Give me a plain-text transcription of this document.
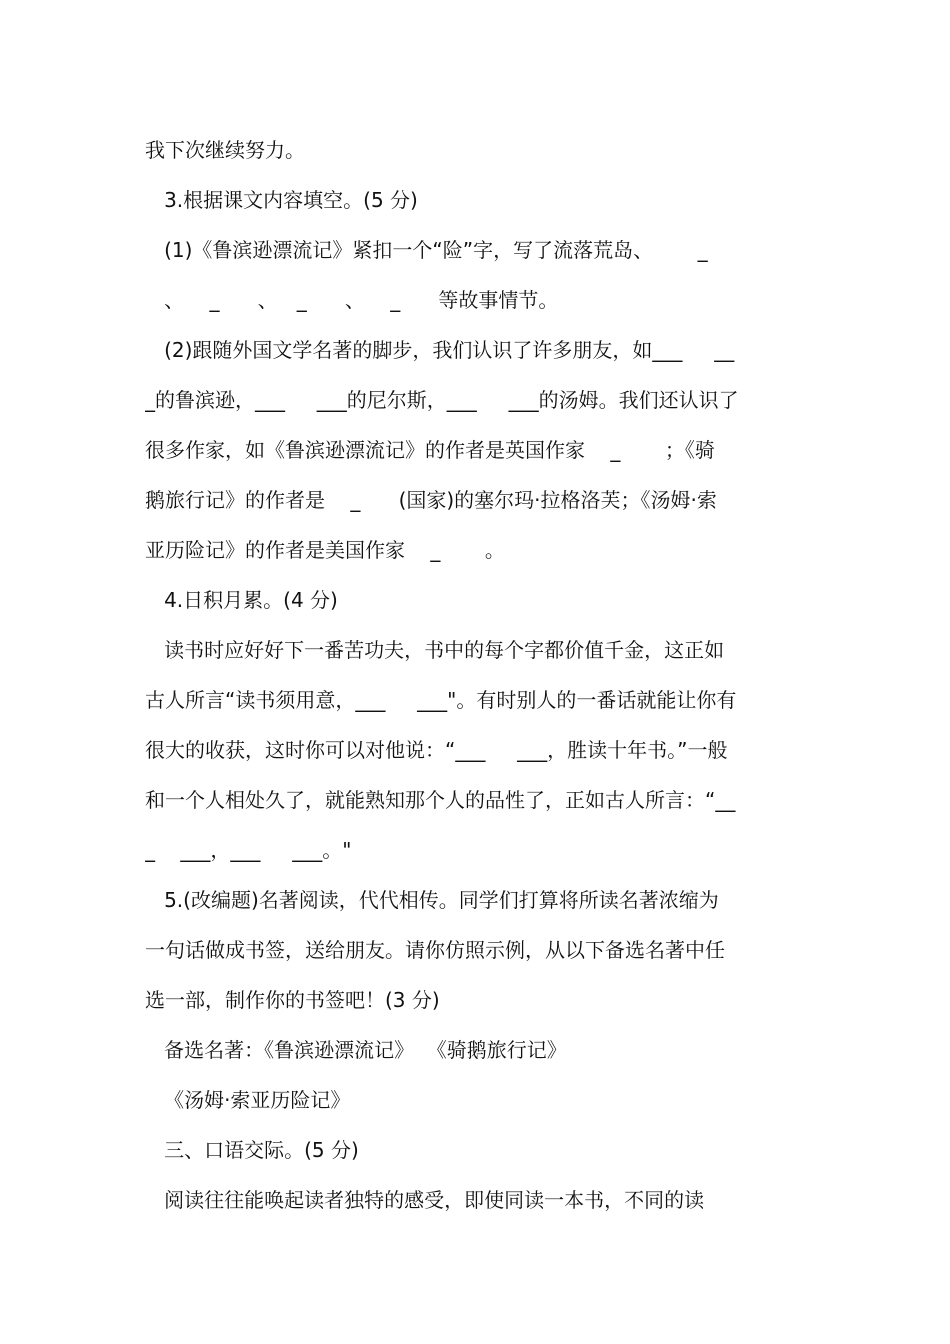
我下次继续努力。
3.根据课文内容填空。(5 分)
(1)《鲁滨逊漂流记》紧扣一个“险”字，写了流落荒岛、       _
、    _      、   _      、    _      等故事情节。
(2)跟随外国文学名著的脚步，我们认识了许多朋友，如___     __
_的鲁滨逊，___     ___的尼尔斯，___     ___的汤姆。我们还认识了
很多作家，如《鲁滨逊漂流记》的作者是英国作家    _       ；《骑
鹅旅行记》的作者是    _      (国家)的塞尔玛·拉格洛芙；《汤姆·索
亚历险记》的作者是美国作家    _       。
4.日积月累。(4 分)
读书时应好好下一番苦功夫，书中的每个字都价值千金，这正如
古人所言“读书须用意，___     ___"。有时别人的一番话就能让你有
很大的收获，这时你可以对他说：“___     ___，胜读十年书。”一般
和一个人相处久了，就能熟知那个人的品性了，正如古人所言：“__
_    ___，___     ___。"
5.(改编题)名著阅读，代代相传。同学们打算将所读名著浓缩为
一句话做成书签，送给朋友。请你仿照示例，从以下备选名著中任
选一部，制作你的书签吧！(3 分)
备选名著：《鲁滨逊漂流记》  《骑鹅旅行记》
《汤姆·索亚历险记》
三、口语交际。(5 分)
阅读往往能唤起读者独特的感受，即使同读一本书，不同的读
